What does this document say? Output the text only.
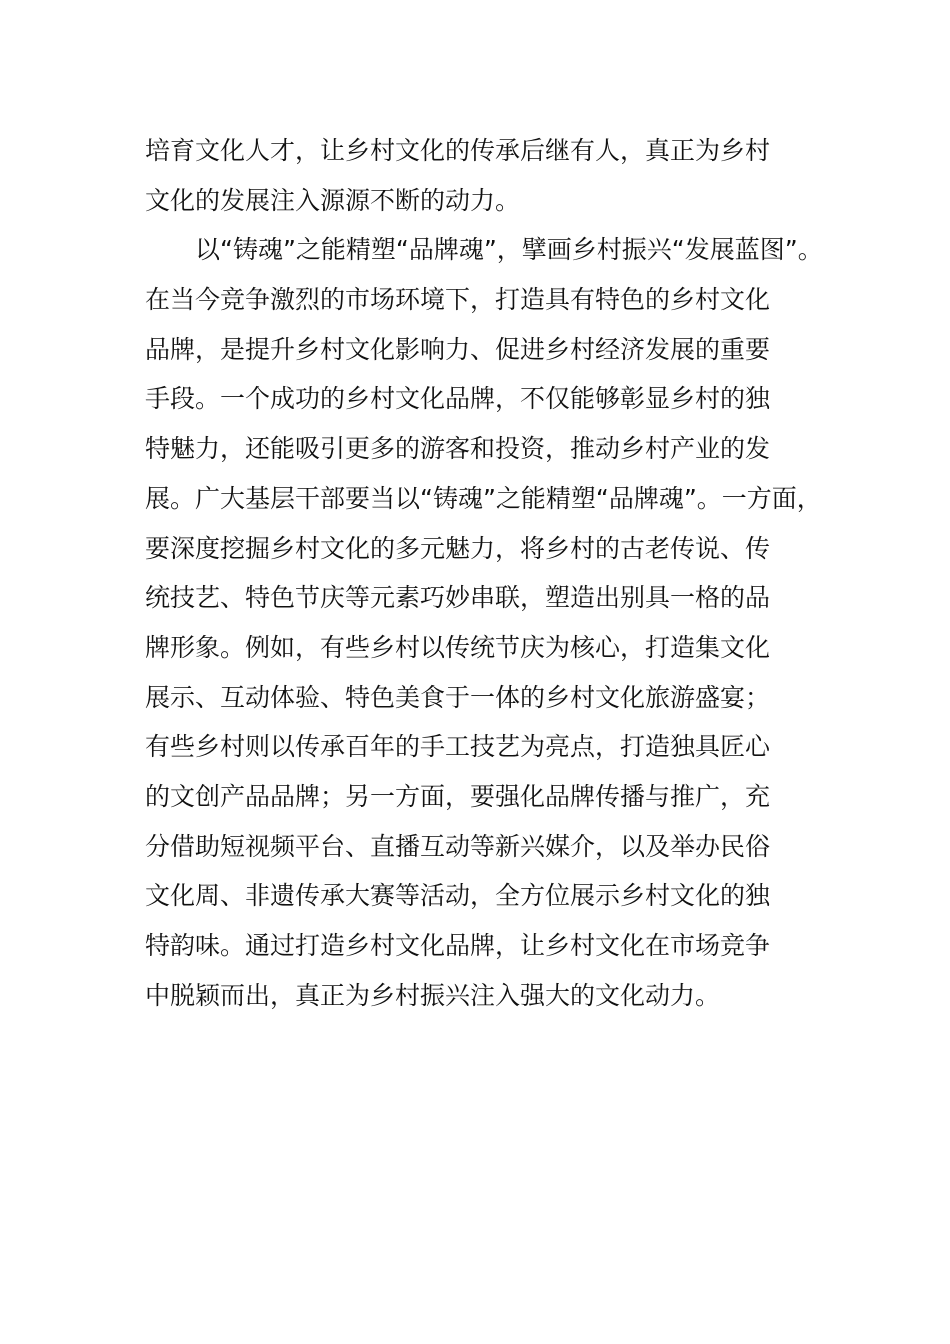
培育文化人才，让乡村文化的传承后继有人，真正为乡村
文化的发展注入源源不断的动力。
　　以“铸魂”之能精塑“品牌魂”，擘画乡村振兴“发展蓝图”。
在当今竞争激烈的市场环境下，打造具有特色的乡村文化
品牌，是提升乡村文化影响力、促进乡村经济发展的重要
手段。一个成功的乡村文化品牌，不仅能够彰显乡村的独
特魅力，还能吸引更多的游客和投资，推动乡村产业的发
展。广大基层干部要当以“铸魂”之能精塑“品牌魂”。一方面，
要深度挖掘乡村文化的多元魅力，将乡村的古老传说、传
统技艺、特色节庆等元素巧妙串联，塑造出别具一格的品
牌形象。例如，有些乡村以传统节庆为核心，打造集文化
展示、互动体验、特色美食于一体的乡村文化旅游盛宴；
有些乡村则以传承百年的手工技艺为亮点，打造独具匠心
的文创产品品牌；另一方面，要强化品牌传播与推广，充
分借助短视频平台、直播互动等新兴媒介，以及举办民俗
文化周、非遗传承大赛等活动，全方位展示乡村文化的独
特韵味。通过打造乡村文化品牌，让乡村文化在市场竞争
中脱颖而出，真正为乡村振兴注入强大的文化动力。
